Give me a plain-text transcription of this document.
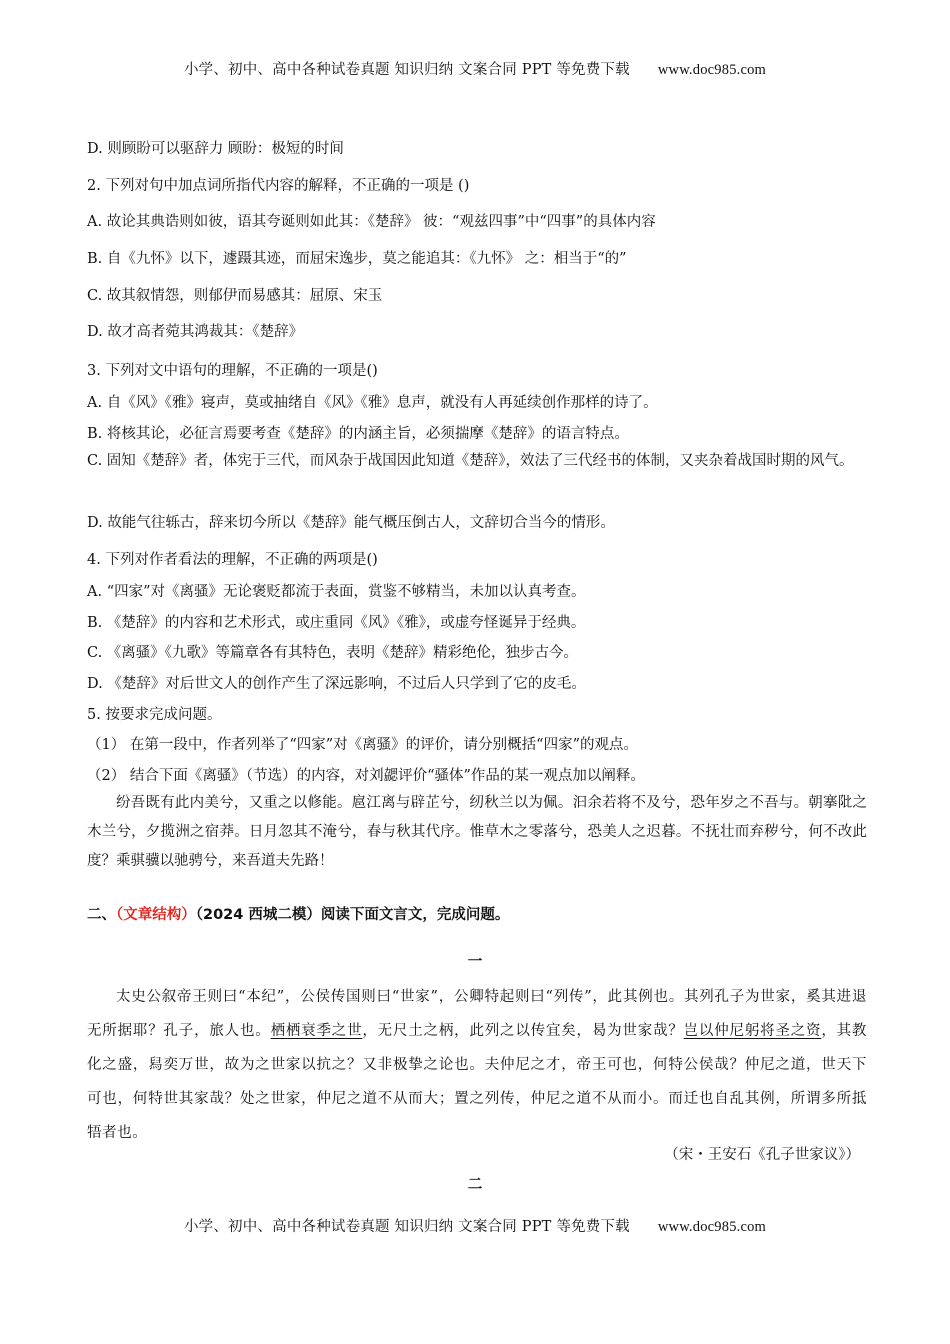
小学、初中、高中各种试卷真题 知识归纳 文案合同 PPT 等免费下载 www.doc985.com
D. 则顾盼可以驱辞力 顾盼：极短的时间
2. 下列对句中加点词所指代内容的解释，不正确的一项是 ()
A. 故论其典诰则如彼，语其夸诞则如此其：《楚辞》 彼：“观兹四事”中“四事”的具体内容
B. 自《九怀》以下，遽蹑其迹，而屈宋逸步，莫之能追其：《九怀》 之：相当于“的”
C. 故其叙情怨，则郁伊而易感其：屈原、宋玉
D. 故才高者菀其鸿裁其：《楚辞》
3. 下列对文中语句的理解，不正确的一项是()
A. 自《风》《雅》寝声，莫或抽绪自《风》《雅》息声，就没有人再延续创作那样的诗了。
B. 将核其论，必征言焉要考查《楚辞》的内涵主旨，必须揣摩《楚辞》的语言特点。
C. 固知《楚辞》者，体宪于三代，而风杂于战国因此知道《楚辞》，效法了三代经书的体制，又夹杂着战国时期的风气。
D. 故能气往轹古，辞来切今所以《楚辞》能气概压倒古人，文辞切合当今的情形。
4. 下列对作者看法的理解，不正确的两项是()
A. “四家”对《离骚》无论褒贬都流于表面，赏鉴不够精当，未加以认真考查。
B. 《楚辞》的内容和艺术形式，或庄重同《风》《雅》，或虚夸怪诞异于经典。
C. 《离骚》《九歌》等篇章各有其特色，表明《楚辞》精彩绝伦，独步古今。
D. 《楚辞》对后世文人的创作产生了深远影响，不过后人只学到了它的皮毛。
5. 按要求完成问题。
（1） 在第一段中，作者列举了“四家”对《离骚》的评价，请分别概括“四家”的观点。
（2） 结合下面《离骚》（节选）的内容，对刘勰评价“骚体”作品的某一观点加以阐释。
纷吾既有此内美兮，又重之以修能。扈江离与辟芷兮，纫秋兰以为佩。汩余若将不及兮，恐年岁之不吾与。朝搴阰之木兰兮，夕揽洲之宿莽。日月忽其不淹兮，春与秋其代序。惟草木之零落兮，恐美人之迟暮。不抚壮而弃秽兮，何不改此度？乘骐骥以驰骋兮，来吾道夫先路！
二、（文章结构）（2024 西城二模）阅读下面文言文，完成问题。
一
太史公叙帝王则曰“本纪”，公侯传国则曰“世家”，公卿特起则曰“列传”，此其例也。其列孔子为世家，奚其进退无所据耶？孔子，旅人也。栖栖衰季之世，无尺土之柄，此列之以传宜矣，曷为世家哉？岂以仲尼躬将圣之资，其教化之盛，舄奕万世，故为之世家以抗之？又非极挚之论也。夫仲尼之才，帝王可也，何特公侯哉？仲尼之道，世天下可也，何特世其家哉？处之世家，仲尼之道不从而大；置之列传，仲尼之道不从而小。而迁也自乱其例，所谓多所抵牾者也。
（宋・王安石《孔子世家议》）
二
小学、初中、高中各种试卷真题 知识归纳 文案合同 PPT 等免费下载 www.doc985.com
